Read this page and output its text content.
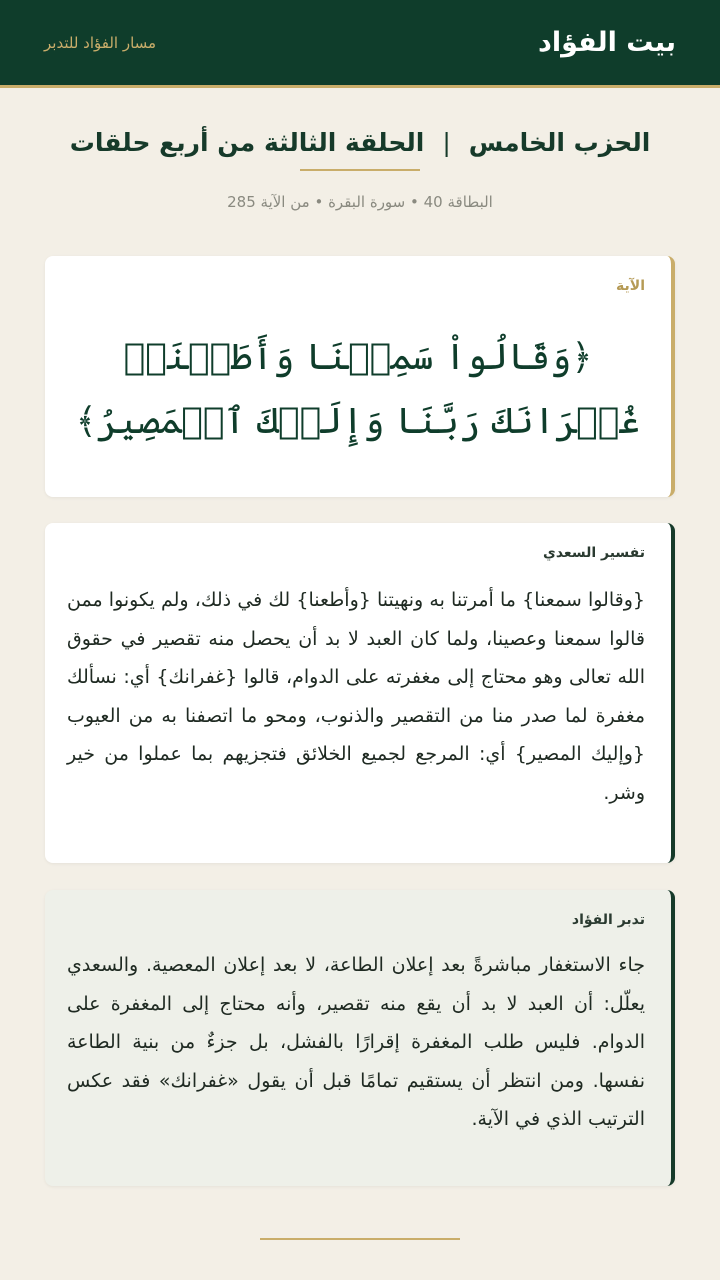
بيت الفؤاد
مسار الفؤاد للتدبر
الحزب الخامس
|
الحلقة الثالثة من أربع حلقات
البطاقة 40 • سورة البقرة • من الآية 285
الآية
﴿وَقَالُواْ سَمِعۡنَا وَأَطَعۡنَاۖ غُفۡرَانَكَ رَبَّنَا وَإِلَيۡكَ ٱلۡمَصِيرُ﴾
تفسير السعدي

{وقالوا سمعنا} ما أمرتنا به ونهيتنا {وأطعنا} لك في ذلك، ولم يكونوا ممن قالوا سمعنا وعصينا، ولما كان العبد لا بد أن يحصل منه تقصير في حقوق الله تعالى وهو محتاج إلى مغفرته على الدوام، قالوا {غفرانك} أي: نسألك مغفرة لما صدر منا من التقصير والذنوب، ومحو ما اتصفنا به من العيوب {وإليك المصير} أي: المرجع لجميع الخلائق فتجزيهم بما عملوا من خير وشر.

تدبر الفؤاد

جاء الاستغفار مباشرةً بعد إعلان الطاعة، لا بعد إعلان المعصية. والسعدي يعلّل: أن العبد لا بد أن يقع منه تقصير، وأنه محتاج إلى المغفرة على الدوام. فليس طلب المغفرة إقرارًا بالفشل، بل جزءٌ من بنية الطاعة نفسها. ومن انتظر أن يستقيم تمامًا قبل أن يقول «غفرانك» فقد عكس الترتيب الذي في الآية.
